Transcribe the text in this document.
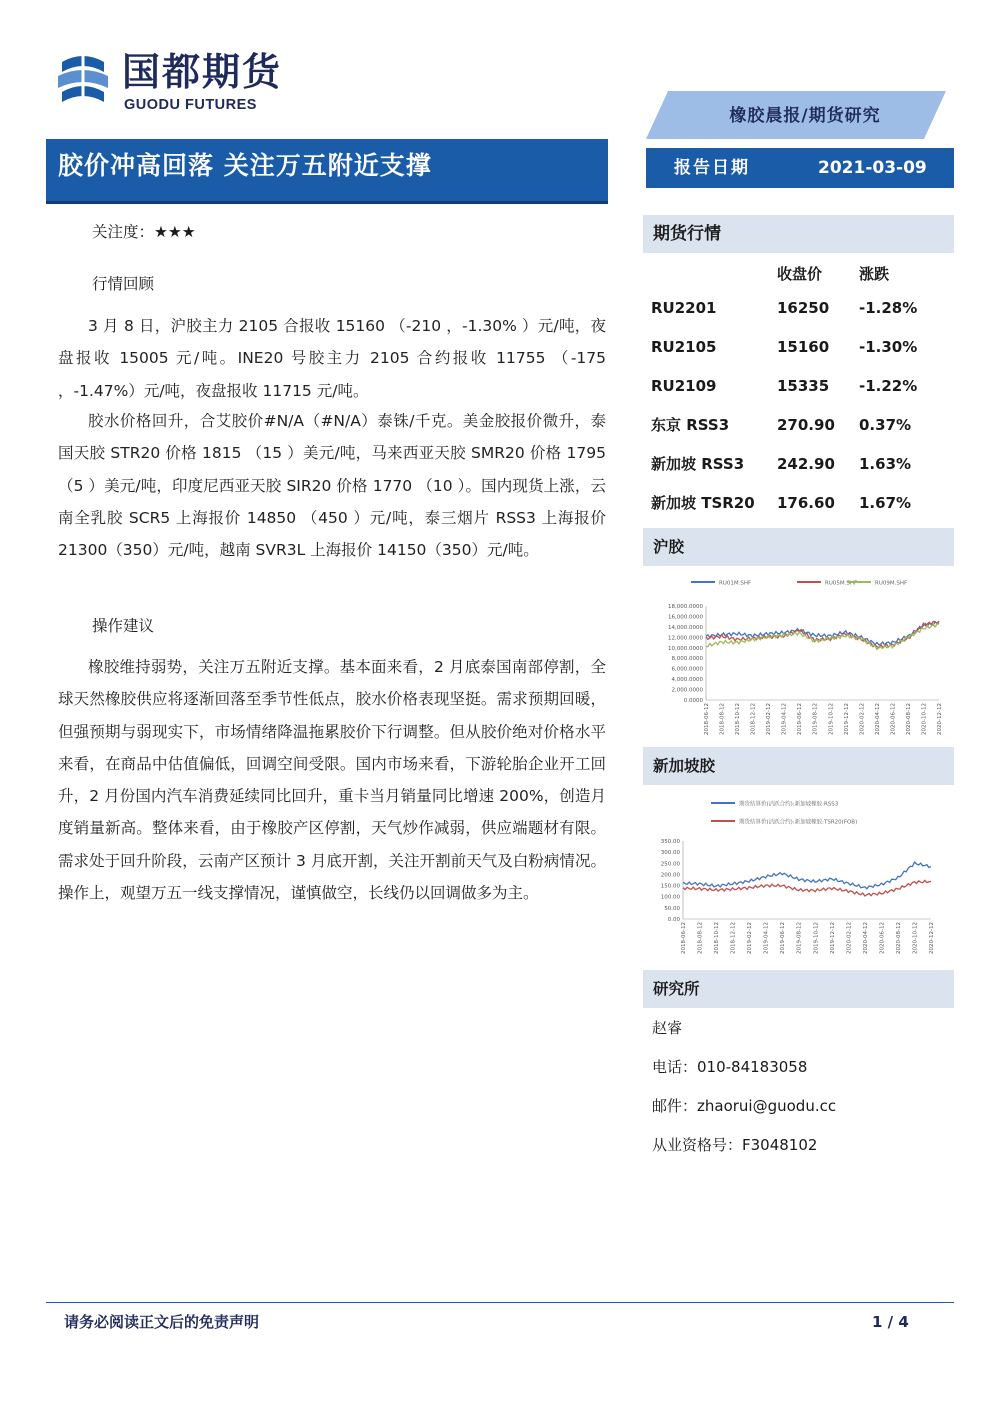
国都期货
GUODU FUTURES
橡胶晨报/期货研究
胶价冲高回落 关注万五附近支撑	报告日期	2021-03-09
关注度：★★★
行情回顾
3 月 8 日，沪胶主力 2105 合报收 15160 （-210 ，-1.30% ）元/吨，夜盘报收 15005 元/吨。INE20 号胶主力 2105 合约报收 11755 （-175 ，-1.47%）元/吨，夜盘报收 11715 元/吨。
胶水价格回升，合艾胶价#N/A（#N/A）泰铢/千克。美金胶报价微升，泰国天胶 STR20 价格 1815 （15 ）美元/吨，马来西亚天胶 SMR20 价格 1795 （5 ）美元/吨，印度尼西亚天胶 SIR20 价格 1770 （10 ）。国内现货上涨，云南全乳胶 SCR5 上海报价 14850 （450 ）元/吨，泰三烟片 RSS3 上海报价 21300（350）元/吨，越南 SVR3L 上海报价 14150（350）元/吨。
操作建议
橡胶维持弱势，关注万五附近支撑。基本面来看，2 月底泰国南部停割，全球天然橡胶供应将逐渐回落至季节性低点，胶水价格表现坚挺。需求预期回暖，但强预期与弱现实下，市场情绪降温拖累胶价下行调整。但从胶价绝对价格水平来看，在商品中估值偏低，回调空间受限。国内市场来看，下游轮胎企业开工回升，2 月份国内汽车消费延续同比回升，重卡当月销量同比增速 200%，创造月度销量新高。整体来看，由于橡胶产区停割，天气炒作减弱，供应端题材有限。需求处于回升阶段，云南产区预计 3 月底开割，关注开割前天气及白粉病情况。操作上，观望万五一线支撑情况，谨慎做空，长线仍以回调做多为主。
期货行情
	收盘价	涨跌
RU2201	16250	-1.28%
RU2105	15160	-1.30%
RU2109	15335	-1.22%
东京 RSS3	270.90	0.37%
新加坡 RSS3	242.90	1.63%
新加坡 TSR20	176.60	1.67%
沪胶
RU01M.SHF	RU05M.SHF	RU09M.SHF
18,000.0000
16,000.0000
14,000.0000
12,000.0000
10,000.0000
8,000.0000
6,000.0000
4,000.0000
2,000.0000
0.0000
2018-06-12 2018-08-12 2018-10-12 2018-12-12 2019-02-12 2019-04-12 2019-06-12 2019-08-12 2019-10-12 2019-12-12 2020-02-12 2020-04-12 2020-06-12 2020-08-12 2020-10-12 2020-12-12
新加坡胶
期货结算价(活跃合约):新加坡橡胶:RSS3
期货结算价(活跃合约):新加坡橡胶:TSR20(FOB)
350.00
300.00
250.00
200.00
150.00
100.00
50.00
0.00
2018-06-12 2018-08-12 2018-10-12 2018-12-12 2019-02-12 2019-04-12 2019-06-12 2019-08-12 2019-10-12 2019-12-12 2020-02-12 2020-04-12 2020-06-12 2020-08-12 2020-10-12 2020-12-12
研究所
赵睿
电话：010-84183058
邮件：zhaorui@guodu.cc
从业资格号：F3048102
请务必阅读正文后的免责声明	1 / 4
